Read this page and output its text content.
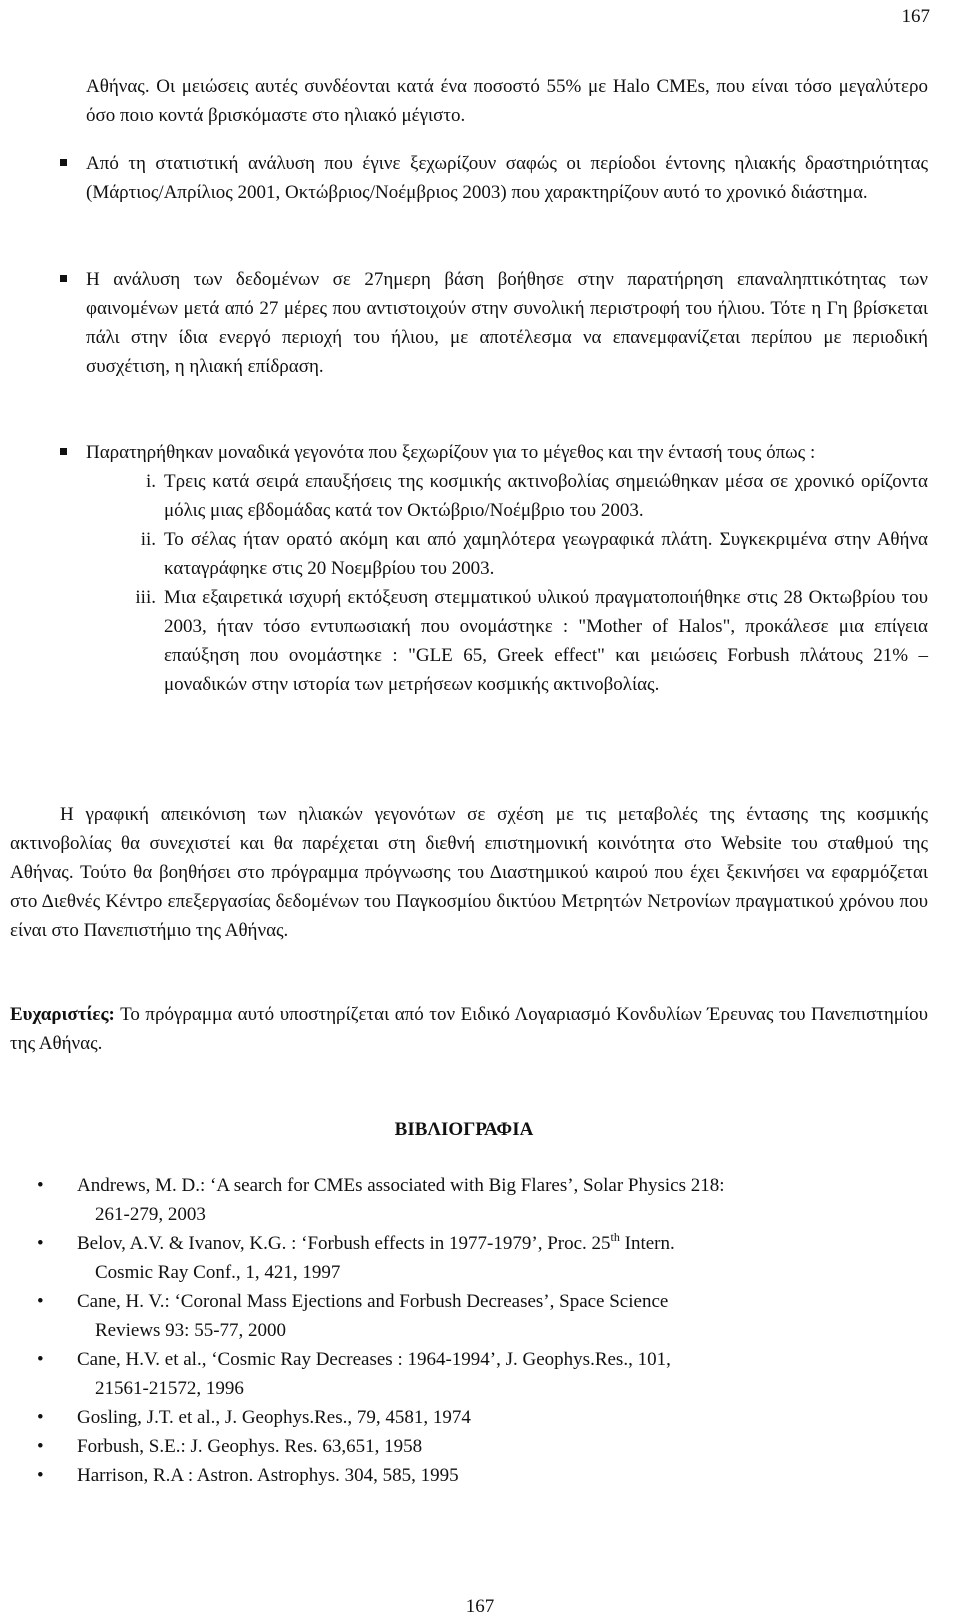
167
Αθήνας. Οι μειώσεις αυτές συνδέονται κατά ένα ποσοστό 55% με Halo CMEs, που είναι τόσο μεγαλύτερο όσο ποιο κοντά βρισκόμαστε στο ηλιακό μέγιστο.
Από τη στατιστική ανάλυση που έγινε ξεχωρίζουν σαφώς οι περίοδοι έντονης ηλιακής δραστηριότητας (Μάρτιος/Απρίλιος 2001, Οκτώβριος/Νοέμβριος 2003) που χαρακτηρίζουν αυτό το χρονικό διάστημα.
Η ανάλυση των δεδομένων σε 27ημερη βάση βοήθησε στην παρατήρηση επαναληπτικότητας των φαινομένων μετά από 27 μέρες που αντιστοιχούν στην συνολική περιστροφή του ήλιου. Τότε η Γη βρίσκεται πάλι στην ίδια ενεργό περιοχή του ήλιου, με αποτέλεσμα να επανεμφανίζεται περίπου με περιοδική συσχέτιση, η ηλιακή επίδραση.
Παρατηρήθηκαν μοναδικά γεγονότα που ξεχωρίζουν για το μέγεθος και την έντασή τους όπως :
i. Τρεις κατά σειρά επαυξήσεις της κοσμικής ακτινοβολίας σημειώθηκαν μέσα σε χρονικό ορίζοντα μόλις μιας εβδομάδας κατά τον Οκτώβριο/Νοέμβριο του 2003.
ii. Το σέλας ήταν ορατό ακόμη και από χαμηλότερα γεωγραφικά πλάτη. Συγκεκριμένα στην Αθήνα καταγράφηκε στις 20 Νοεμβρίου του 2003.
iii. Μια εξαιρετικά ισχυρή εκτόξευση στεμματικού υλικού πραγματοποιήθηκε στις 28 Οκτωβρίου του 2003, ήταν τόσο εντυπωσιακή που ονομάστηκε : "Mother of Halos", προκάλεσε μια επίγεια επαύξηση που ονομάστηκε : "GLE 65, Greek effect" και μειώσεις Forbush πλάτους 21% –μοναδικών στην ιστορία των μετρήσεων κοσμικής ακτινοβολίας.
Η γραφική απεικόνιση των ηλιακών γεγονότων σε σχέση με τις μεταβολές της έντασης της κοσμικής ακτινοβολίας θα συνεχιστεί και θα παρέχεται στη διεθνή επιστημονική κοινότητα στο Website του σταθμού της Αθήνας. Τούτο θα βοηθήσει στο πρόγραμμα πρόγνωσης του Διαστημικού καιρού που έχει ξεκινήσει να εφαρμόζεται στο Διεθνές Κέντρο επεξεργασίας δεδομένων του Παγκοσμίου δικτύου Μετρητών Νετρονίων πραγματικού χρόνου που είναι στο Πανεπιστήμιο της Αθήνας.
Ευχαριστίες: Το πρόγραμμα αυτό υποστηρίζεται από τον Ειδικό Λογαριασμό Κονδυλίων Έρευνας του Πανεπιστημίου της Αθήνας.
ΒΙΒΛΙΟΓΡΑΦΙΑ
• Andrews, M. D.: ‘A search for CMEs associated with Big Flares’, Solar Physics 218:
261-279, 2003
• Belov, A.V. & Ivanov, K.G. : ‘Forbush effects in 1977-1979’, Proc. 25th Intern.
Cosmic Ray Conf., 1, 421, 1997
• Cane, H. V.: ‘Coronal Mass Ejections and Forbush Decreases’, Space Science
Reviews 93: 55-77, 2000
• Cane, H.V. et al., ‘Cosmic Ray Decreases : 1964-1994’, J. Geophys.Res., 101,
21561-21572, 1996
• Gosling, J.T. et al., J. Geophys.Res., 79, 4581, 1974
• Forbush, S.E.: J. Geophys. Res. 63,651, 1958
• Harrison, R.A : Astron. Astrophys. 304, 585, 1995
167
